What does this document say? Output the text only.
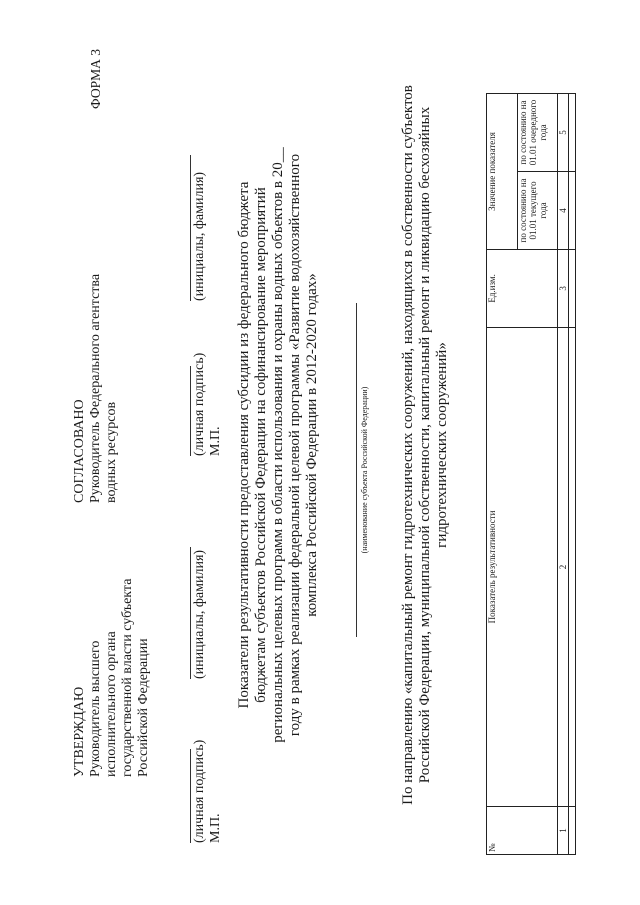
ФОРМА 3
УТВЕРЖДАЮ Руководитель высшего исполнительного органа государственной власти субъекта Российской Федерации
(личная подпись)
(инициалы, фамилия)
М.П.
СОГЛАСОВАНО Руководитель Федерального агентства водных ресурсов	(личная подпись)
(инициалы, фамилия)
М.П. Показатели результативности предоставления субсидии из федерального бюджета бюджетам субъектов Российской Федерации на софинансирование мероприятий региональных целевых программ в области использования и охраны водных объектов в 20__ году в рамках реализации федеральной целевой программы «Развитие водохозяйственного комплекса Российской Федерации в 2012-2020 годах»	(наименование субъекта Российской Федерации) По направлению «капитальный ремонт гидротехнических сооружений, находящихся в собственности субъектов Российской Федерации, муниципальной собственности, капитальный ремонт и ликвидацию бесхозяйных гидротехнических сооружений»
№	Показатель результативности	Ед.изм.	Значение показателя	

			по состоянию на 01.01 текущего года	по состоянию на 01.01 очередного года

1	2	3	4	5
